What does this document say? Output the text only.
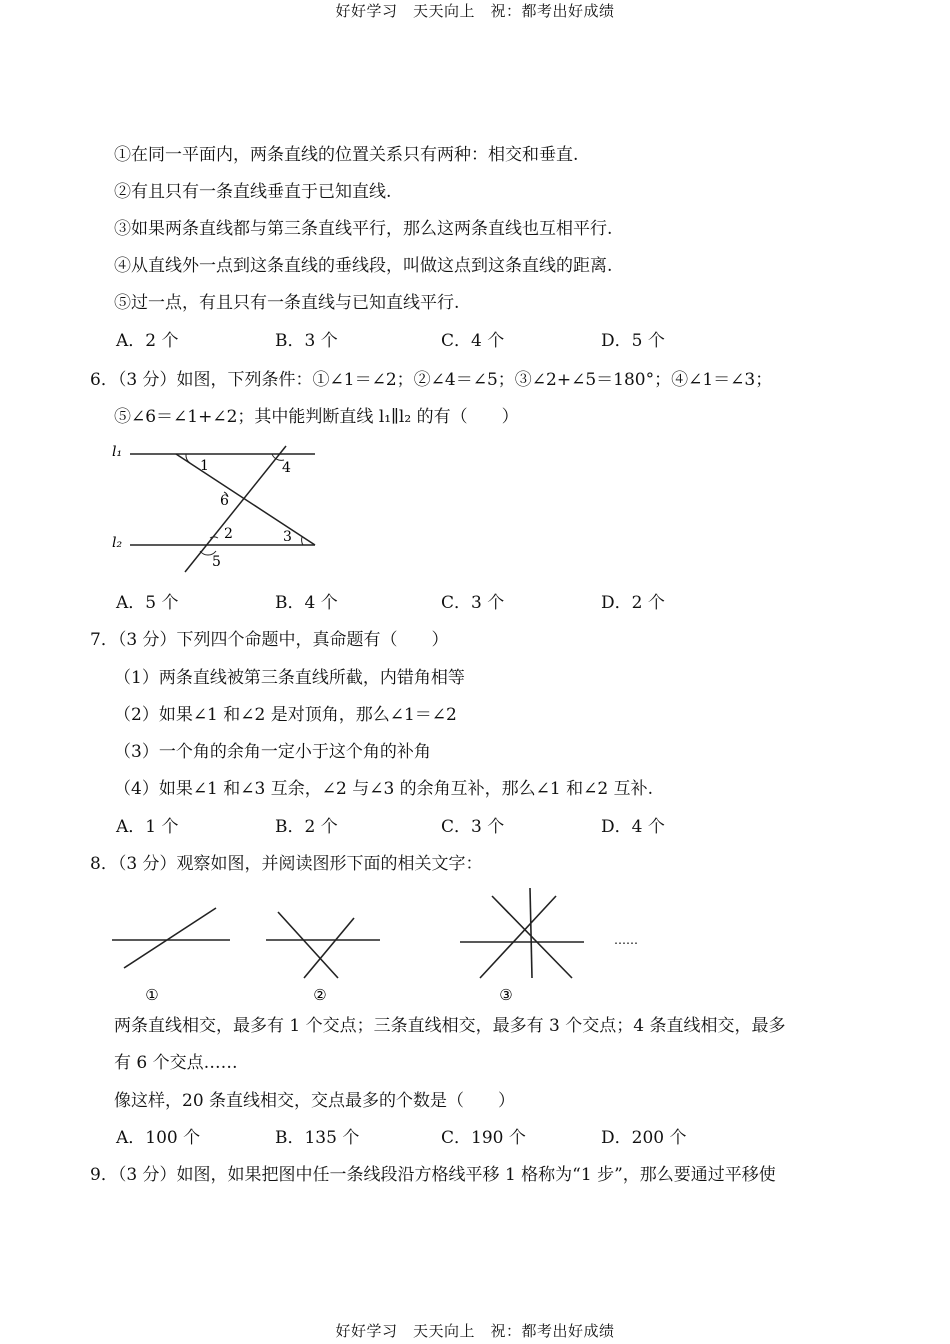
好好学习　天天向上　祝：都考出好成绩
①在同一平面内，两条直线的位置关系只有两种：相交和垂直.
②有且只有一条直线垂直于已知直线.
③如果两条直线都与第三条直线平行，那么这两条直线也互相平行.
④从直线外一点到这条直线的垂线段，叫做这点到这条直线的距离.
⑤过一点，有且只有一条直线与已知直线平行.
A．2 个	B．3 个	C．4 个	D．5 个
6．（3 分）如图，下列条件：①∠1＝∠2；②∠4＝∠5；③∠2+∠5＝180°；④∠1＝∠3；
⑤∠6＝∠1+∠2；其中能判断直线 l₁∥l₂ 的有（　　）
l₁
l₂
1	4
6
2	3
5
A．5 个	B．4 个	C．3 个	D．2 个
7．（3 分）下列四个命题中，真命题有（　　）
（1）两条直线被第三条直线所截，内错角相等
（2）如果∠1 和∠2 是对顶角，那么∠1＝∠2
（3）一个角的余角一定小于这个角的补角
（4）如果∠1 和∠3 互余，∠2 与∠3 的余角互补，那么∠1 和∠2 互补.
A．1 个	B．2 个	C．3 个	D．4 个
8．（3 分）观察如图，并阅读图形下面的相关文字：
①	②	③
……
两条直线相交，最多有 1 个交点；三条直线相交，最多有 3 个交点；4 条直线相交，最多
有 6 个交点……
像这样，20 条直线相交，交点最多的个数是（　　）
A．100 个	B．135 个	C．190 个	D．200 个
9．（3 分）如图，如果把图中任一条线段沿方格线平移 1 格称为“1 步”，那么要通过平移使
好好学习　天天向上　祝：都考出好成绩
